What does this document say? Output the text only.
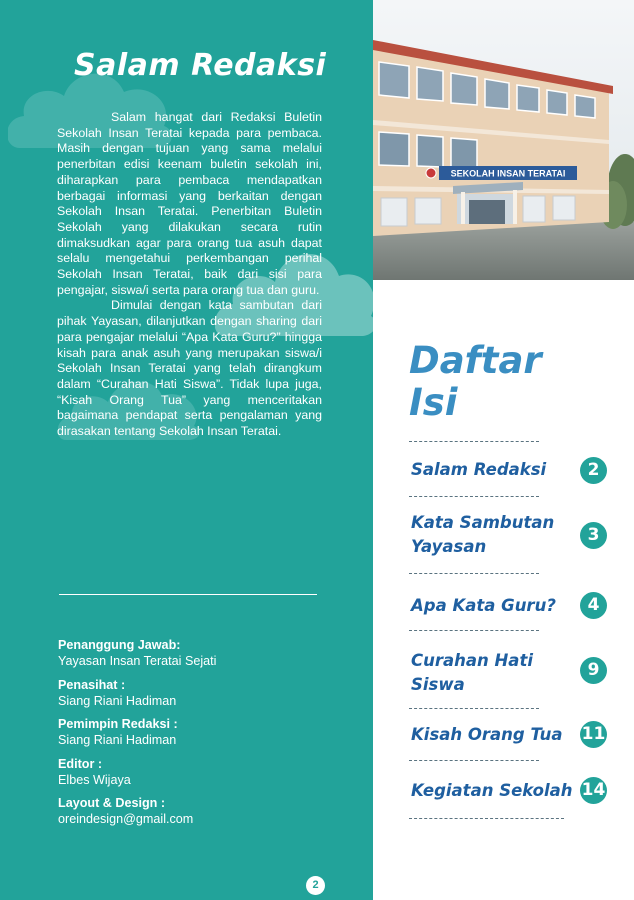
Salam Redaksi

Salam hangat dari Redaksi Buletin Sekolah Insan Teratai kepada para pembaca. Masih dengan tujuan yang sama melalui penerbitan edisi keenam buletin sekolah ini, diharapkan para pembaca mendapatkan berbagai informasi yang berkaitan dengan Sekolah Insan Teratai. Penerbitan Buletin Sekolah yang dilakukan secara rutin dimaksudkan agar para orang tua asuh dapat selalu mengetahui perkembangan perihal Sekolah Insan Teratai, baik dari sisi para pengajar, siswa/i serta para orang tua dan guru.

Dimulai dengan kata sambutan dari pihak Yayasan, dilanjutkan dengan sharing dari para pengajar melalui “Apa Kata Guru?” hingga kisah para anak asuh yang merupakan siswa/i Sekolah Insan Teratai yang telah dirangkum dalam “Curahan Hati Siswa”. Tidak lupa juga, “Kisah Orang Tua” yang menceritakan bagaimana pendapat serta pengalaman yang dirasakan tentang Sekolah Insan Teratai.

Penanggung Jawab:
Yayasan Insan Teratai Sejati
Penasihat :
Siang Riani Hadiman
Pemimpin Redaksi :
Siang Riani Hadiman
Editor :
Elbes Wijaya
Layout & Design :
oreindesign@gmail.com
2
SEKOLAH INSAN TERATAI
Daftar
Isi
Salam Redaksi	2
Kata Sambutan
Yayasan
3
Apa Kata Guru?	4
Curahan Hati
Siswa
9
Kisah Orang Tua 11
Kegiatan Sekolah 14
